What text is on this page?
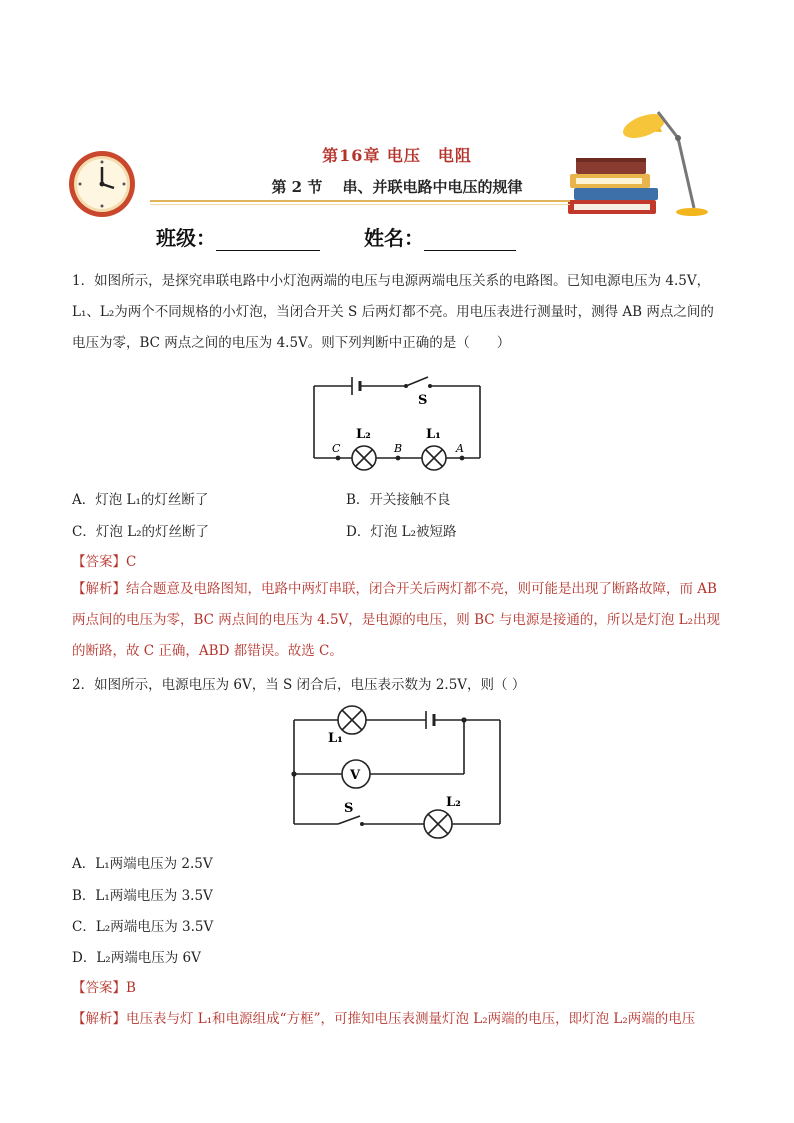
第16章 电压　电阻
第 2 节　 串、并联电路中电压的规律
班级：	姓名：
1．如图所示，是探究串联电路中小灯泡两端的电压与电源两端电压关系的电路图。已知电源电压为 4.5V，
L₁、L₂为两个不同规格的小灯泡，当闭合开关 S 后两灯都不亮。用电压表进行测量时，测得 AB 两点之间的
电压为零，BC 两点之间的电压为 4.5V。则下列判断中正确的是（　　）
S
L₂	L₁
C	B	A
A．灯泡 L₁的灯丝断了	B．开关接触不良
C．灯泡 L₂的灯丝断了	D．灯泡 L₂被短路
【答案】C
【解析】结合题意及电路图知，电路中两灯串联，闭合开关后两灯都不亮，则可能是出现了断路故障，而 AB
两点间的电压为零，BC 两点间的电压为 4.5V，是电源的电压，则 BC 与电源是接通的，所以是灯泡 L₂出现
的断路，故 C 正确，ABD 都错误。故选 C。
2．如图所示，电源电压为 6V，当 S 闭合后，电压表示数为 2.5V，则（ ）
L₁
V
S	L₂
A．L₁两端电压为 2.5V
B．L₁两端电压为 3.5V
C．L₂两端电压为 3.5V
D．L₂两端电压为 6V
【答案】B
【解析】电压表与灯 L₁和电源组成“方框”，可推知电压表测量灯泡 L₂两端的电压，即灯泡 L₂两端的电压
